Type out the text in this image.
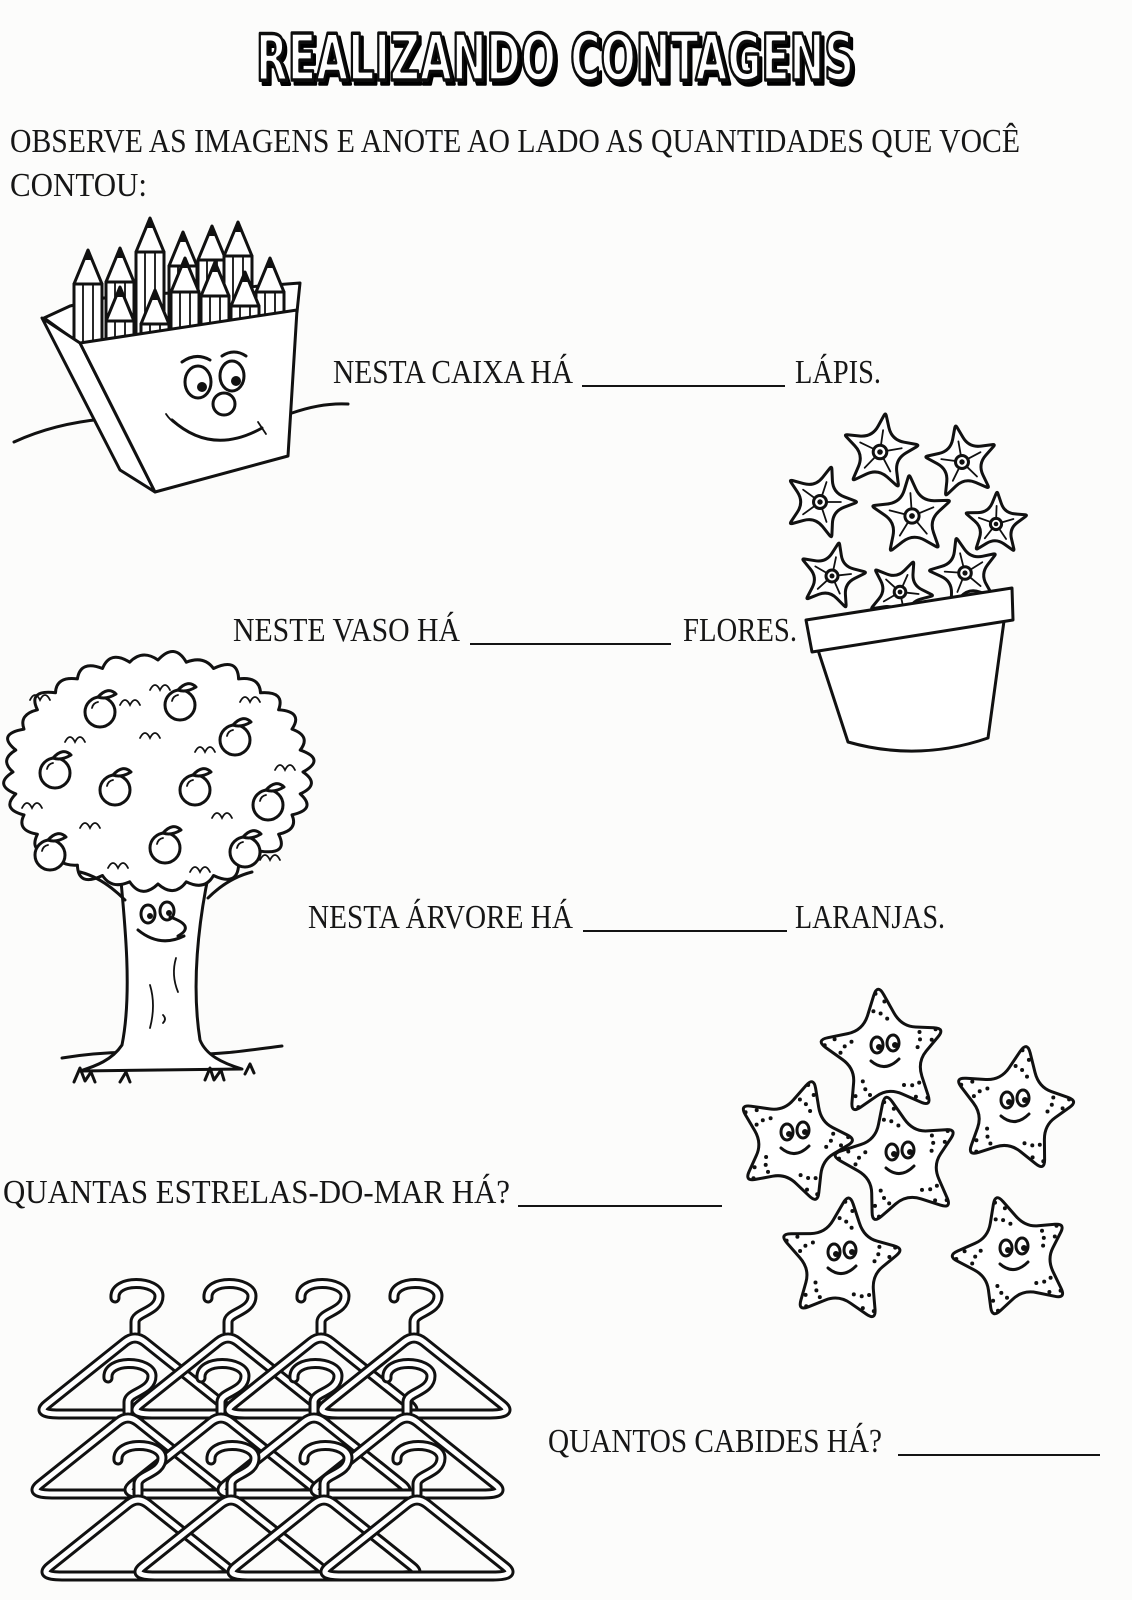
REALIZANDO CONTAGENS
OBSERVE AS IMAGENS E ANOTE AO LADO AS QUANTIDADES QUE VOCÊ
CONTOU:
NESTA CAIXA HÁ	LÁPIS.
NESTE VASO HÁ	FLORES.
NESTA ÁRVORE HÁ	LARANJAS.
QUANTAS ESTRELAS-DO-MAR HÁ?
QUANTOS CABIDES HÁ?
